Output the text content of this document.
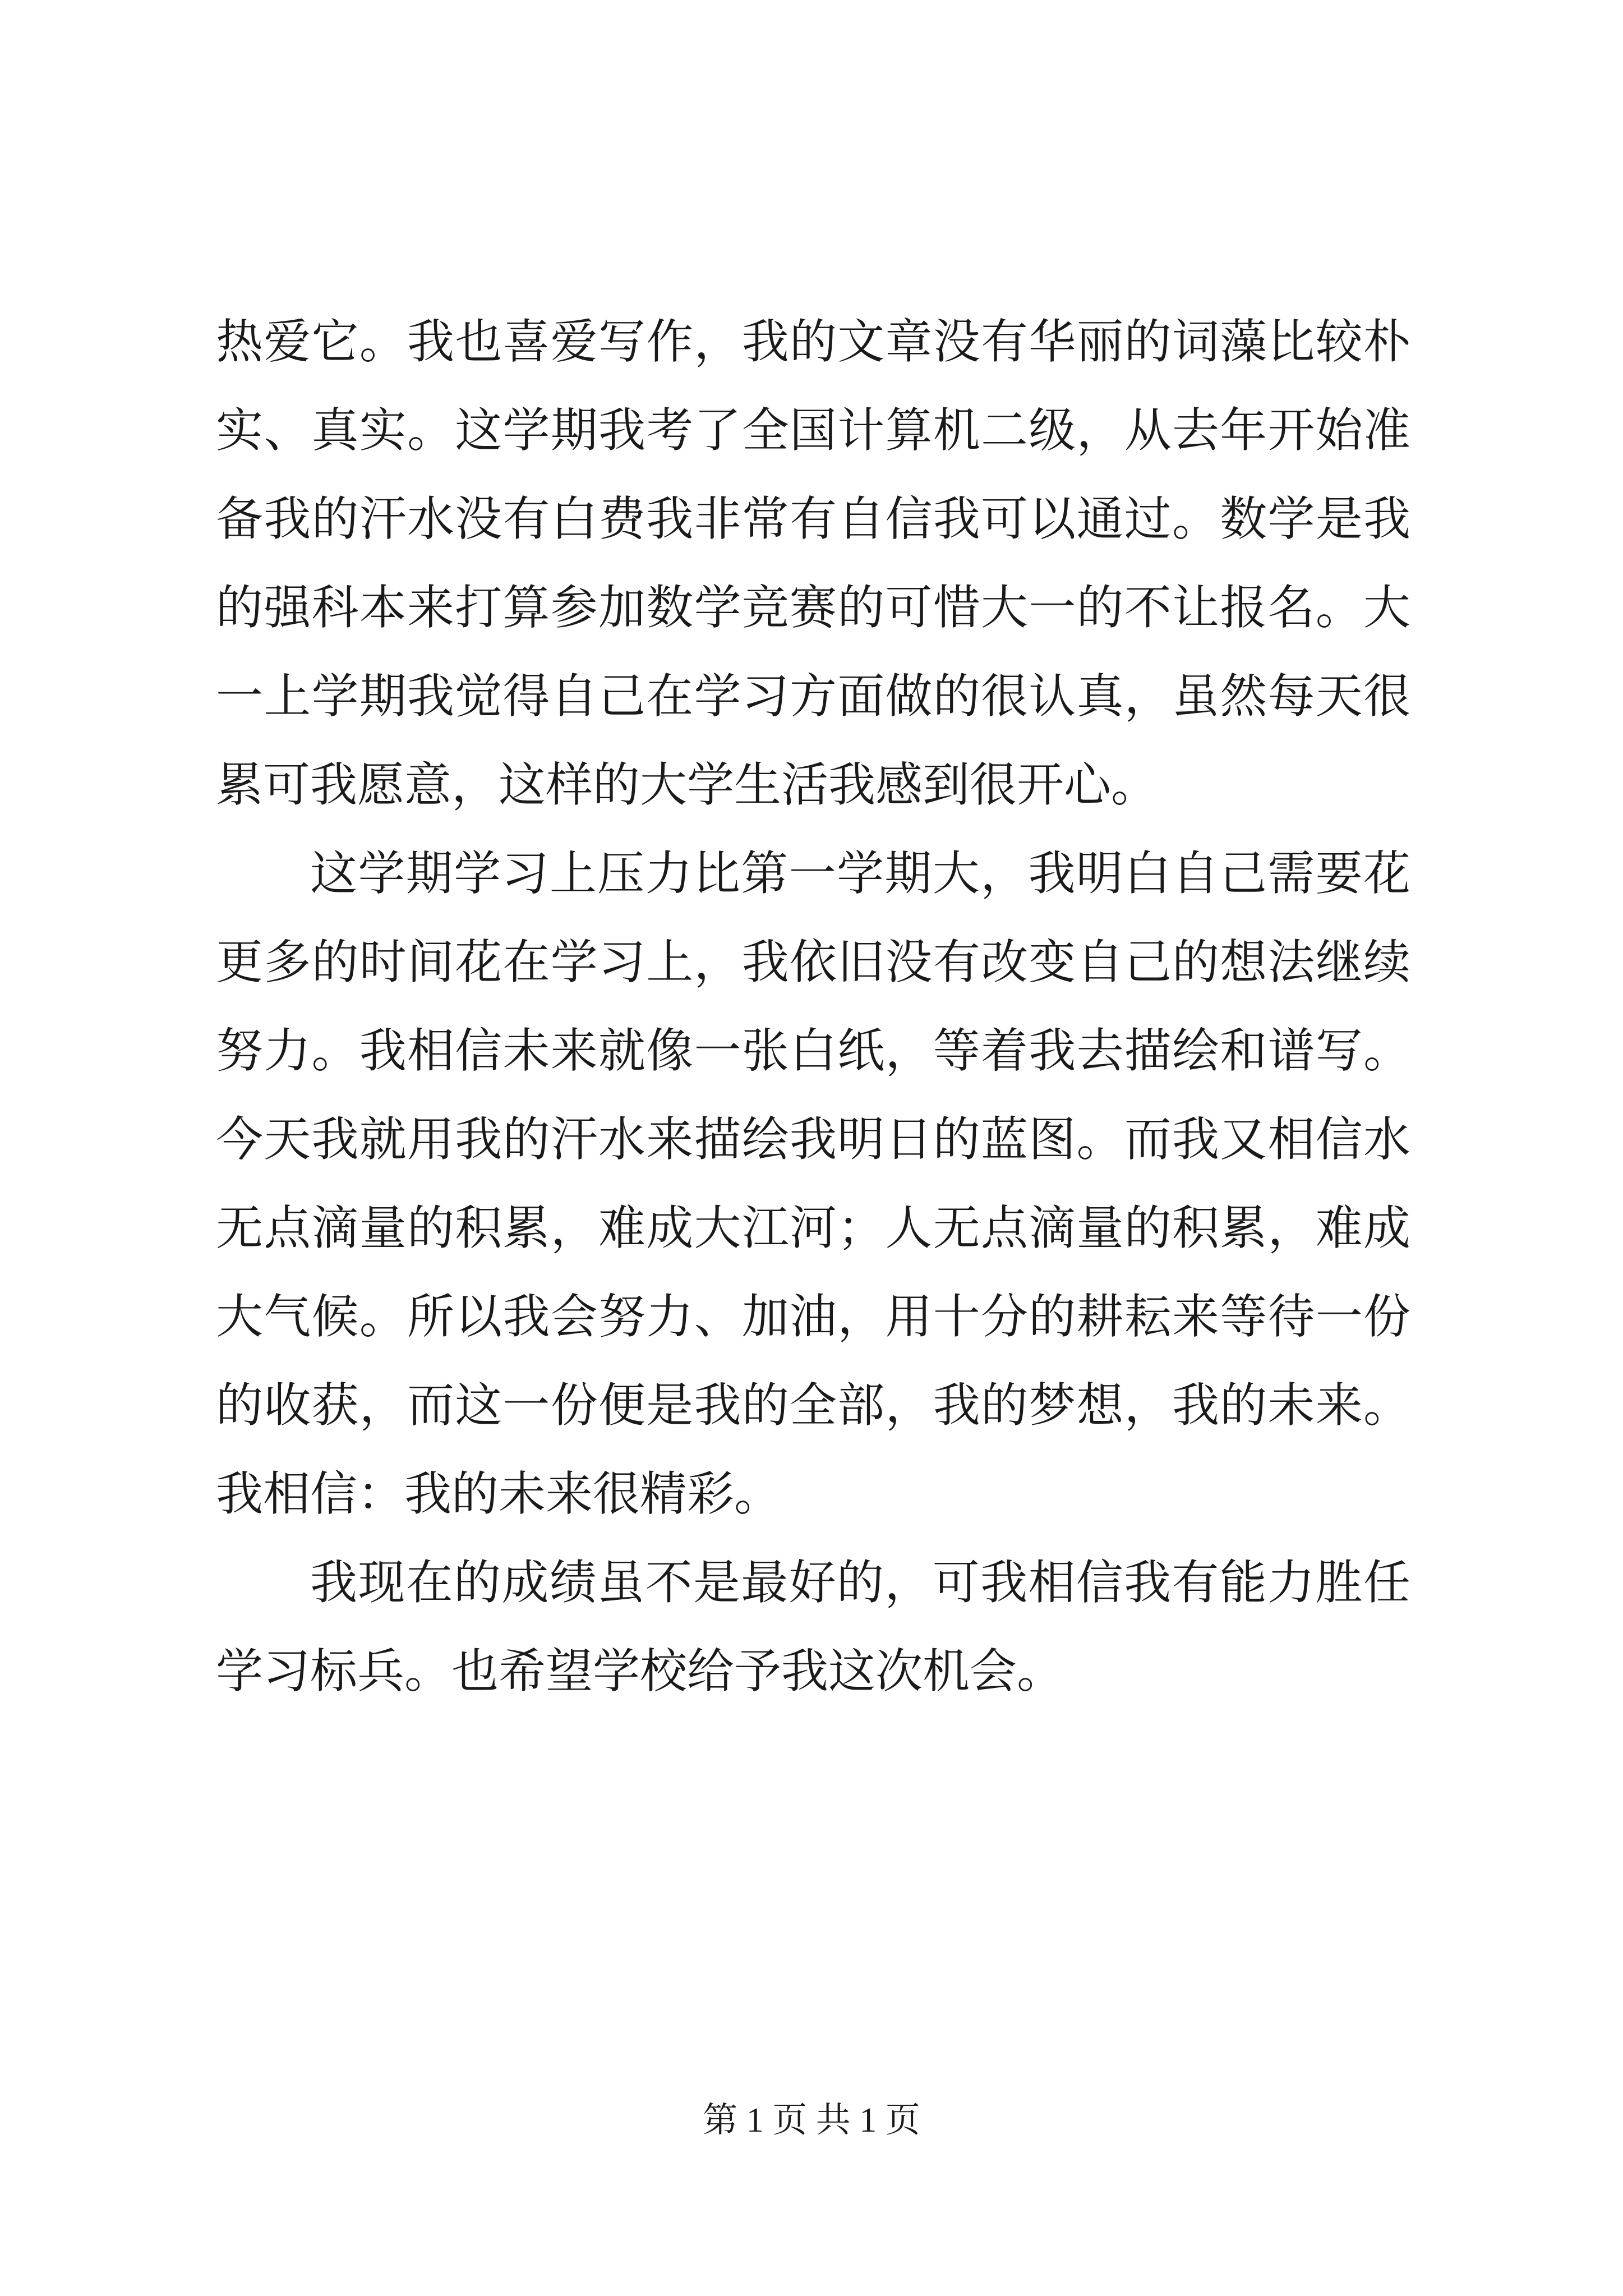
热爱它。我也喜爱写作，我的文章没有华丽的词藻比较朴实、真实。这学期我考了全国计算机二级，从去年开始准备我的汗水没有白费我非常有自信我可以通过。数学是我的强科本来打算参加数学竞赛的可惜大一的不让报名。大一上学期我觉得自己在学习方面做的很认真，虽然每天很累可我愿意，这样的大学生活我感到很开心。

这学期学习上压力比第一学期大，我明白自己需要花更多的时间花在学习上，我依旧没有改变自己的想法继续努力。我相信未来就像一张白纸，等着我去描绘和谱写。今天我就用我的汗水来描绘我明日的蓝图。而我又相信水无点滴量的积累，难成大江河；人无点滴量的积累，难成大气候。所以我会努力、加油，用十分的耕耘来等待一份的收获，而这一份便是我的全部，我的梦想，我的未来。我相信：我的未来很精彩。

我现在的成绩虽不是最好的，可我相信我有能力胜任学习标兵。也希望学校给予我这次机会。

第 1 页 共 1 页
